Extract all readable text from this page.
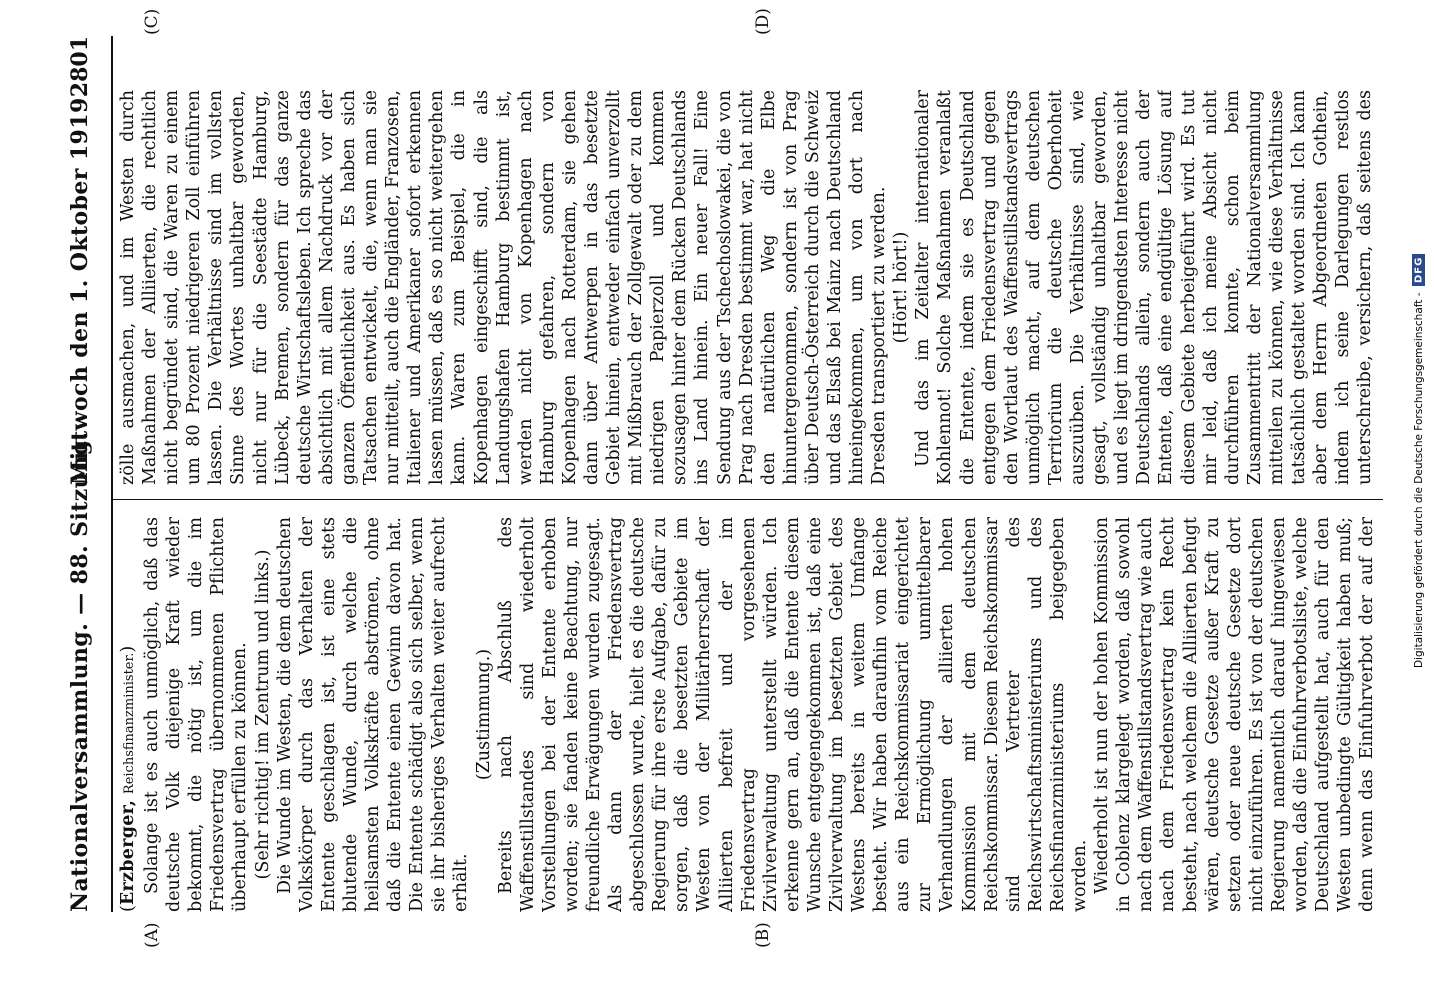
Nationalversammlung. — 88. Sitzung.
Mittwoch den 1. Oktober 1919.
2801
(A)	(B)
(C)	(D)

(Erzberger, Reichsfinanzminister.) Solange ist es auch unmöglich, daß das deutsche Volk diejenige Kraft wieder bekommt, die nötig ist, um die im Friedensvertrag übernommenen Pflichten überhaupt erfüllen zu können. (Sehr richtig! im Zentrum und links.) Die Wunde im Westen, die dem deutschen Volkskörper durch das Verhalten der Entente geschlagen ist, ist eine stets blutende Wunde, durch welche die heilsamsten Volkskräfte abströmen, ohne daß die Entente einen Gewinn davon hat. Die Entente schädigt also sich selber, wenn sie ihr bisheriges Verhalten weiter aufrecht erhält.

(Zustimmung.) Bereits nach Abschluß des Waffenstillstandes sind wiederholt Vorstellungen bei der Entente erhoben worden; sie fanden keine Beachtung, nur freundliche Erwägungen wurden zugesagt. Als dann der Friedensvertrag abgeschlossen wurde, hielt es die deutsche Regierung für ihre erste Aufgabe, dafür zu sorgen, daß die besetzten Gebiete im Westen von der Militärherrschaft der Alliierten befreit und der im Friedensvertrag vorgesehenen Zivilverwaltung unterstellt würden. Ich erkenne gern an, daß die Entente diesem Wunsche entgegengekommen ist, daß eine Zivilverwaltung im besetzten Gebiet des Westens bereits in weitem Umfange besteht. Wir haben daraufhin vom Reiche aus ein Reichskommissariat eingerichtet zur Ermöglichung unmittelbarer Verhandlungen der alliierten hohen Kommission mit dem deutschen Reichskommissar. Diesem Reichskommissar sind Vertreter des Reichswirtschaftsministeriums und des Reichsfinanzministeriums beigegeben worden. Wiederholt ist nun der hohen Kommission in Coblenz klargelegt worden, daß sowohl nach dem Waffenstillstandsvertrag wie auch nach dem Friedensvertrag kein Recht besteht, nach welchem die Alliierten befugt wären, deutsche Gesetze außer Kraft zu setzen oder neue deutsche Gesetze dort nicht einzuführen. Es ist von der deutschen Regierung namentlich darauf hingewiesen worden, daß die Einfuhrverbotsliste, welche Deutschland aufgestellt hat, auch für den Westen unbedingte Gültigkeit haben muß; denn wenn das Einfuhrverbot der auf der

zölle ausmachen, und im Westen durch Maßnahmen der Alliierten, die rechtlich nicht begründet sind, die Waren zu einem um 80 Prozent niedrigeren Zoll einführen lassen. Die Verhältnisse sind im vollsten Sinne des Wortes unhaltbar geworden, nicht nur für die Seestädte Hamburg, Lübeck, Bremen, sondern für das ganze deutsche Wirtschaftsleben. Ich spreche das absichtlich mit allem Nachdruck vor der ganzen Öffentlichkeit aus. Es haben sich Tatsachen entwickelt, die, wenn man sie nur mitteilt, auch die Engländer, Franzosen, Italiener und Amerikaner sofort erkennen lassen müssen, daß es so nicht weitergehen kann. Waren zum Beispiel, die in Kopenhagen eingeschifft sind, die als Landungshafen Hamburg bestimmt ist, werden nicht von Kopenhagen nach Hamburg gefahren, sondern von Kopenhagen nach Rotterdam, sie gehen dann über Antwerpen in das besetzte Gebiet hinein, entweder einfach unverzollt mit Mißbrauch der Zollgewalt oder zu dem niedrigen Papierzoll und kommen sozusagen hinter dem Rücken Deutschlands ins Land hinein. Ein neuer Fall! Eine Sendung aus der Tschechoslowakei, die von Prag nach Dresden bestimmt war, hat nicht den natürlichen Weg die Elbe hinuntergenommen, sondern ist von Prag über Deutsch-Österreich durch die Schweiz und das Elsaß bei Mainz nach Deutschland hineingekommen, um von dort nach Dresden transportiert zu werden. (Hört! hört!)

Und das im Zeitalter internationaler Kohlennot! Solche Maßnahmen veranlaßt die Entente, indem sie es Deutschland entgegen dem Friedensvertrag und gegen den Wortlaut des Waffenstillstandsvertrags unmöglich macht, auf dem deutschen Territorium die deutsche Oberhoheit auszuüben. Die Verhältnisse sind, wie gesagt, vollständig unhaltbar geworden, und es liegt im dringendsten Interesse nicht Deutschlands allein, sondern auch der Entente, daß eine endgültige Lösung auf diesem Gebiete herbeigeführt wird. Es tut mir leid, daß ich meine Absicht nicht durchführen konnte, schon beim Zusammentritt der Nationalversammlung mitteilen zu können, wie diese Verhältnisse tatsächlich gestaltet worden sind. Ich kann aber dem Herrn Abgeordneten Gothein, indem ich seine Darlegungen restlos unterschreibe, versichern, daß seitens des

Digitalisierung gefördert durch die Deutsche Forschungsgemeinschaft -
DFG
